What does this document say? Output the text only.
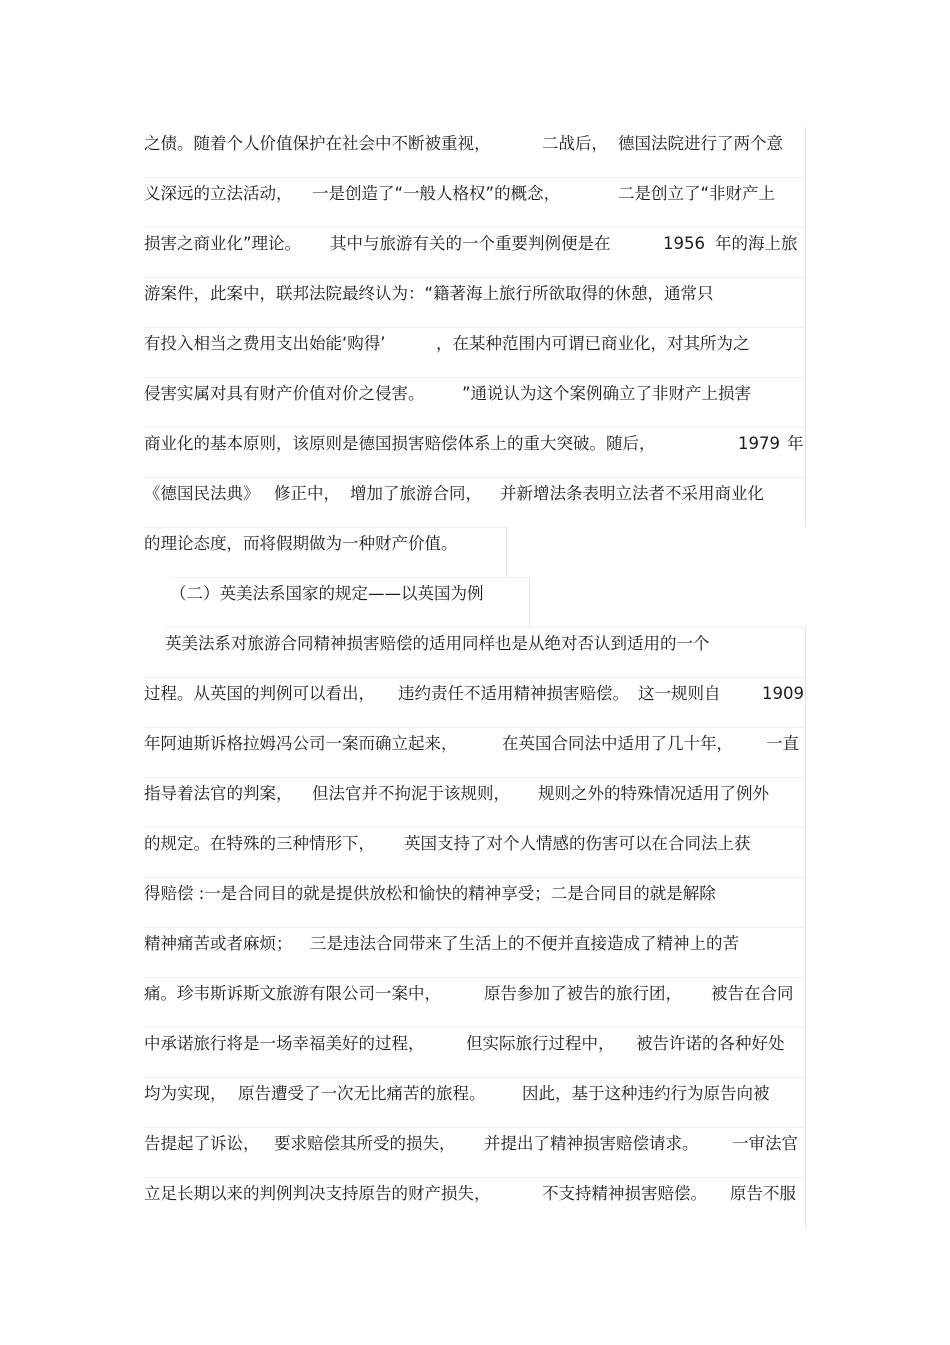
之债。随着个人价值保护在社会中不断被重视，	二战后， 德国法院进行了两个意
义深远的立法活动， 一是创造了“一般人格权”的概念，	二是创立了“非财产上
损害之商业化”理论。 其中与旅游有关的一个重要判例便是在	1956 年的海上旅
游案件，此案中，联邦法院最终认为：“籍著海上旅行所欲取得的休憩，通常只
有投入相当之费用支出始能‘购得’	，在某种范围内可谓已商业化，对其所为之
侵害实属对具有财产价值对价之侵害。 ”通说认为这个案例确立了非财产上损害
商业化的基本原则，该原则是德国损害赔偿体系上的重大突破。随后，	1979 年
《德国民法典》 修正中， 增加了旅游合同， 并新增法条表明立法者不采用商业化
的理论态度，而将假期做为一种财产价值。
（二）英美法系国家的规定——以英国为例
英美法系对旅游合同精神损害赔偿的适用同样也是从绝对否认到适用的一个
过程。从英国的判例可以看出， 违约责任不适用精神损害赔偿。 这一规则自	1909
年阿迪斯诉格拉姆冯公司一案而确立起来，	在英国合同法中适用了几十年， 一直
指导着法官的判案， 但法官并不拘泥于该规则， 规则之外的特殊情况适用了例外
的规定。在特殊的三种情形下， 英国支持了对个人情感的伤害可以在合同法上获
得赔偿 :一是合同目的就是提供放松和愉快的精神享受；二是合同目的就是解除
精神痛苦或者麻烦； 三是违法合同带来了生活上的不便并直接造成了精神上的苦
痛。珍韦斯诉斯文旅游有限公司一案中，	原告参加了被告的旅行团， 被告在合同
中承诺旅行将是一场幸福美好的过程，	但实际旅行过程中， 被告许诺的各种好处
均为实现， 原告遭受了一次无比痛苦的旅程。 因此，基于这种违约行为原告向被
告提起了诉讼， 要求赔偿其所受的损失， 并提出了精神损害赔偿请求。 一审法官
立足长期以来的判例判决支持原告的财产损失，	不支持精神损害赔偿。 原告不服
